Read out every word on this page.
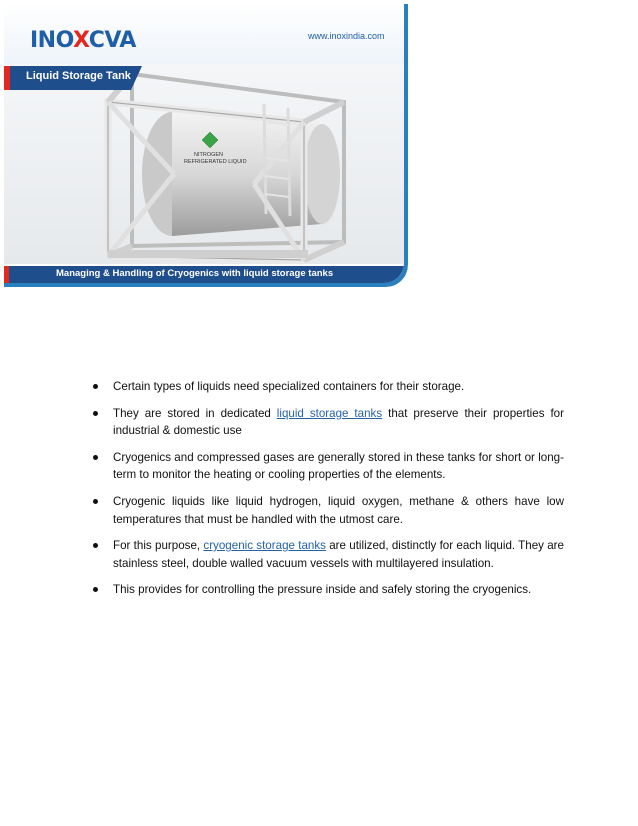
INOXCVA	www.inoxindia.com
NITROGEN
REFRIGERATED LIQUID
Liquid Storage Tank
Managing & Handling of Cryogenics with liquid storage tanks
Certain types of liquids need specialized containers for their storage.
They are stored in dedicated liquid storage tanks that preserve their properties for industrial & domestic use
Cryogenics and compressed gases are generally stored in these tanks for short or long-term to monitor the heating or cooling properties of the elements.
Cryogenic liquids like liquid hydrogen, liquid oxygen, methane & others have low temperatures that must be handled with the utmost care.
For this purpose, cryogenic storage tanks are utilized, distinctly for each liquid. They are stainless steel, double walled vacuum vessels with multilayered insulation.
This provides for controlling the pressure inside and safely storing the cryogenics.
